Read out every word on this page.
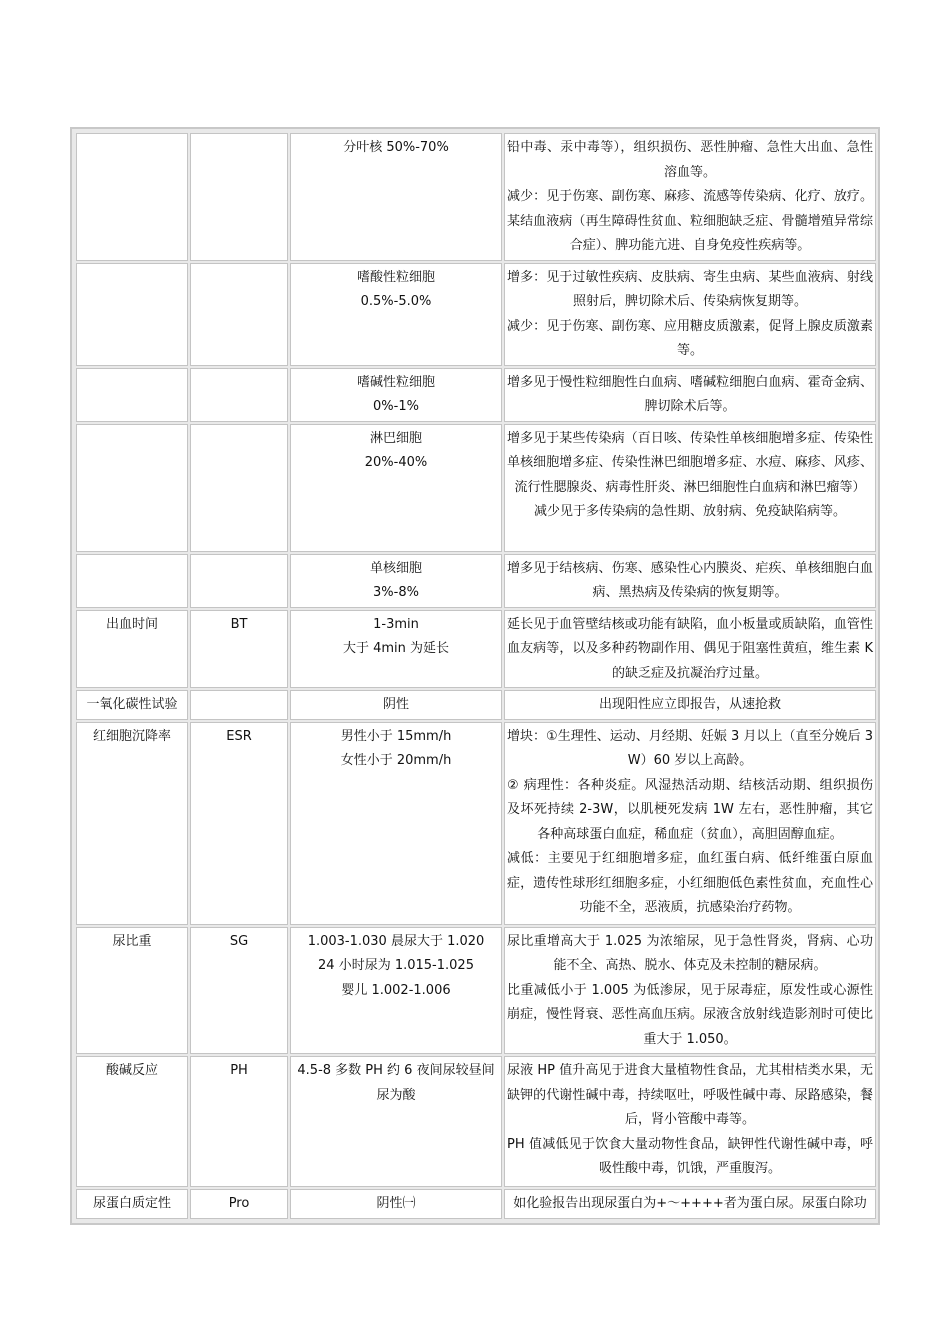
		分叶核 50%-70%	铅中毒、汞中毒等），组织损伤、恶性肿瘤、急性大出血、急性溶血等。
减少：见于伤寒、副伤寒、麻疹、流感等传染病、化疗、放疗。某结血液病（再生障碍性贫血、粒细胞缺乏症、骨髓增殖异常综合症）、脾功能亢进、自身免疫性疾病等。

		嗜酸性粒细胞
0.5%-5.0%	增多：见于过敏性疾病、皮肤病、寄生虫病、某些血液病、射线照射后，脾切除术后、传染病恢复期等。
减少：见于伤寒、副伤寒、应用糖皮质激素，促肾上腺皮质激素等。

		嗜碱性粒细胞
0%-1%	增多见于慢性粒细胞性白血病、嗜碱粒细胞白血病、霍奇金病、脾切除术后等。

		淋巴细胞
20%-40%	增多见于某些传染病（百日咳、传染性单核细胞增多症、传染性单核细胞增多症、传染性淋巴细胞增多症、水痘、麻疹、风疹、流行性腮腺炎、病毒性肝炎、淋巴细胞性白血病和淋巴瘤等）
减少见于多传染病的急性期、放射病、免疫缺陷病等。

		单核细胞
3%-8%	增多见于结核病、伤寒、感染性心内膜炎、疟疾、单核细胞白血病、黑热病及传染病的恢复期等。

出血时间	BT	1-3min
大于 4min 为延长	延长见于血管壁结核或功能有缺陷，血小板量或质缺陷，血管性血友病等，以及多种药物副作用、偶见于阻塞性黄疸，维生素 K 的缺乏症及抗凝治疗过量。

一氧化碳性试验		阴性	出现阳性应立即报告，从速抢救

红细胞沉降率	ESR	男性小于 15mm/h
女性小于 20mm/h	增块：①生理性、运动、月经期、妊娠 3 月以上（直至分娩后 3W）60 岁以上高龄。
② 病理性：各种炎症。风湿热活动期、结核活动期、组织损伤及坏死持续 2-3W，以肌梗死发病 1W 左右，恶性肿瘤，其它各种高球蛋白血症，稀血症（贫血），高胆固醇血症。
减低：主要见于红细胞增多症，血红蛋白病、低纤维蛋白原血症，遗传性球形红细胞多症，小红细胞低色素性贫血，充血性心功能不全，恶液质，抗感染治疗药物。

尿比重	SG	1.003-1.030 晨尿大于 1.020
24 小时尿为 1.015-1.025
婴儿 1.002-1.006	尿比重增高大于 1.025 为浓缩尿，见于急性肾炎，肾病、心功能不全、高热、脱水、体克及未控制的糖尿病。
比重减低小于 1.005 为低渗尿，见于尿毒症，原发性或心源性崩症，慢性肾衰、恶性高血压病。尿液含放射线造影剂时可使比重大于 1.050。

酸碱反应	PH	4.5-8 多数 PH 约 6 夜间尿较昼间尿为酸	尿液 HP 值升高见于进食大量植物性食品，尤其柑桔类水果，无缺钾的代谢性碱中毒，持续呕吐，呼吸性碱中毒、尿路感染，餐后，肾小管酸中毒等。
PH 值减低见于饮食大量动物性食品，缺钾性代谢性碱中毒，呼吸性酸中毒，饥饿，严重腹泻。

尿蛋白质定性	Pro	阴性㈠	如化验报告出现尿蛋白为+～++++者为蛋白尿。尿蛋白除功
